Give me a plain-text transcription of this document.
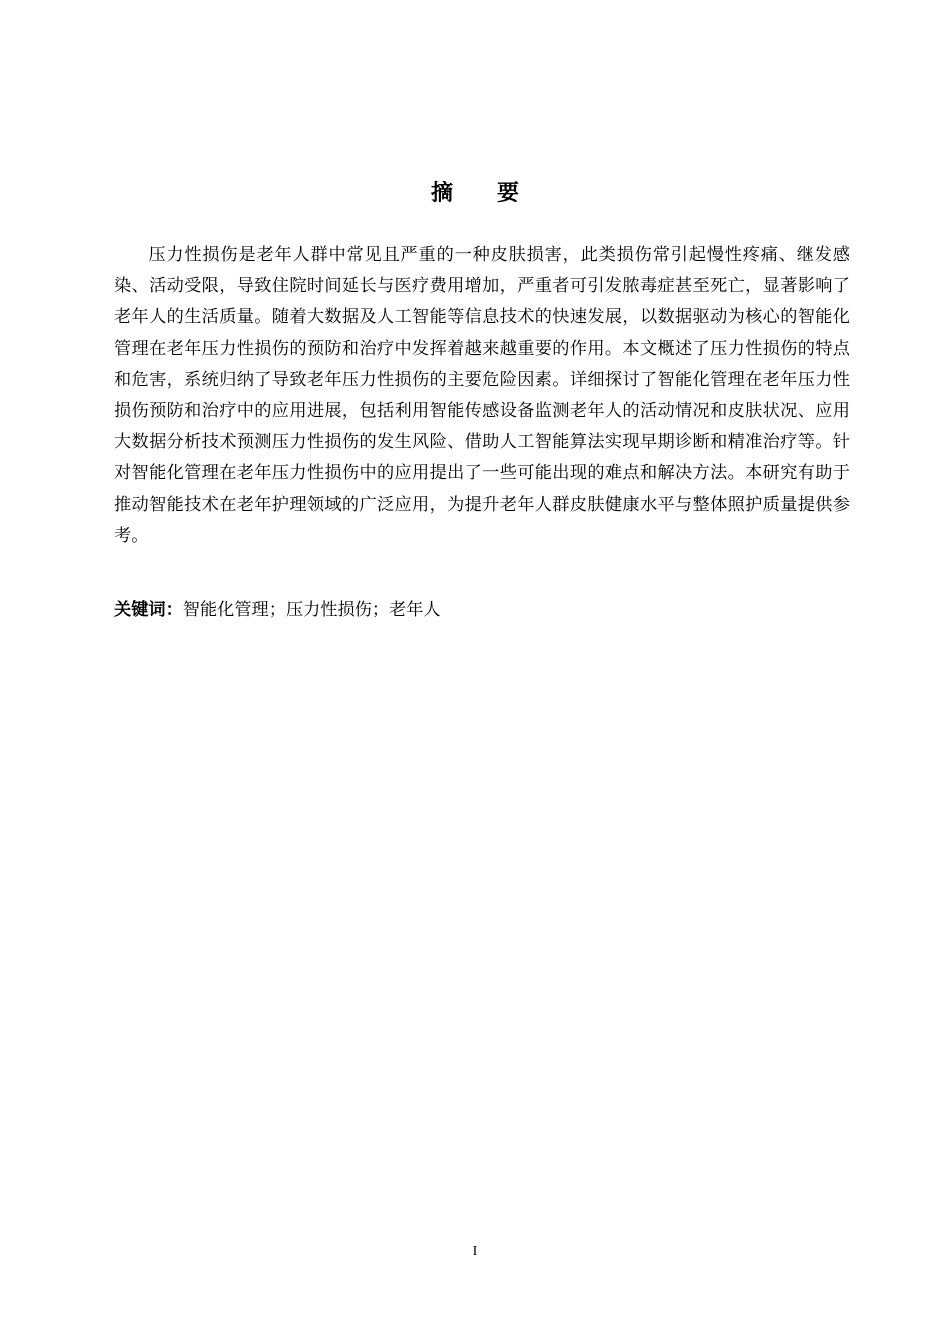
摘 要

压力性损伤是老年人群中常见且严重的一种皮肤损害，此类损伤常引起慢性疼痛、继发感染、活动受限，导致住院时间延长与医疗费用增加，严重者可引发脓毒症甚至死亡，显著影响了老年人的生活质量。随着大数据及人工智能等信息技术的快速发展，以数据驱动为核心的智能化管理在老年压力性损伤的预防和治疗中发挥着越来越重要的作用。本文概述了压力性损伤的特点和危害，系统归纳了导致老年压力性损伤的主要危险因素。详细探讨了智能化管理在老年压力性损伤预防和治疗中的应用进展，包括利用智能传感设备监测老年人的活动情况和皮肤状况、应用大数据分析技术预测压力性损伤的发生风险、借助人工智能算法实现早期诊断和精准治疗等。针对智能化管理在老年压力性损伤中的应用提出了一些可能出现的难点和解决方法。本研究有助于推动智能技术在老年护理领域的广泛应用，为提升老年人群皮肤健康水平与整体照护质量提供参考。

关键词：智能化管理；压力性损伤；老年人

I
